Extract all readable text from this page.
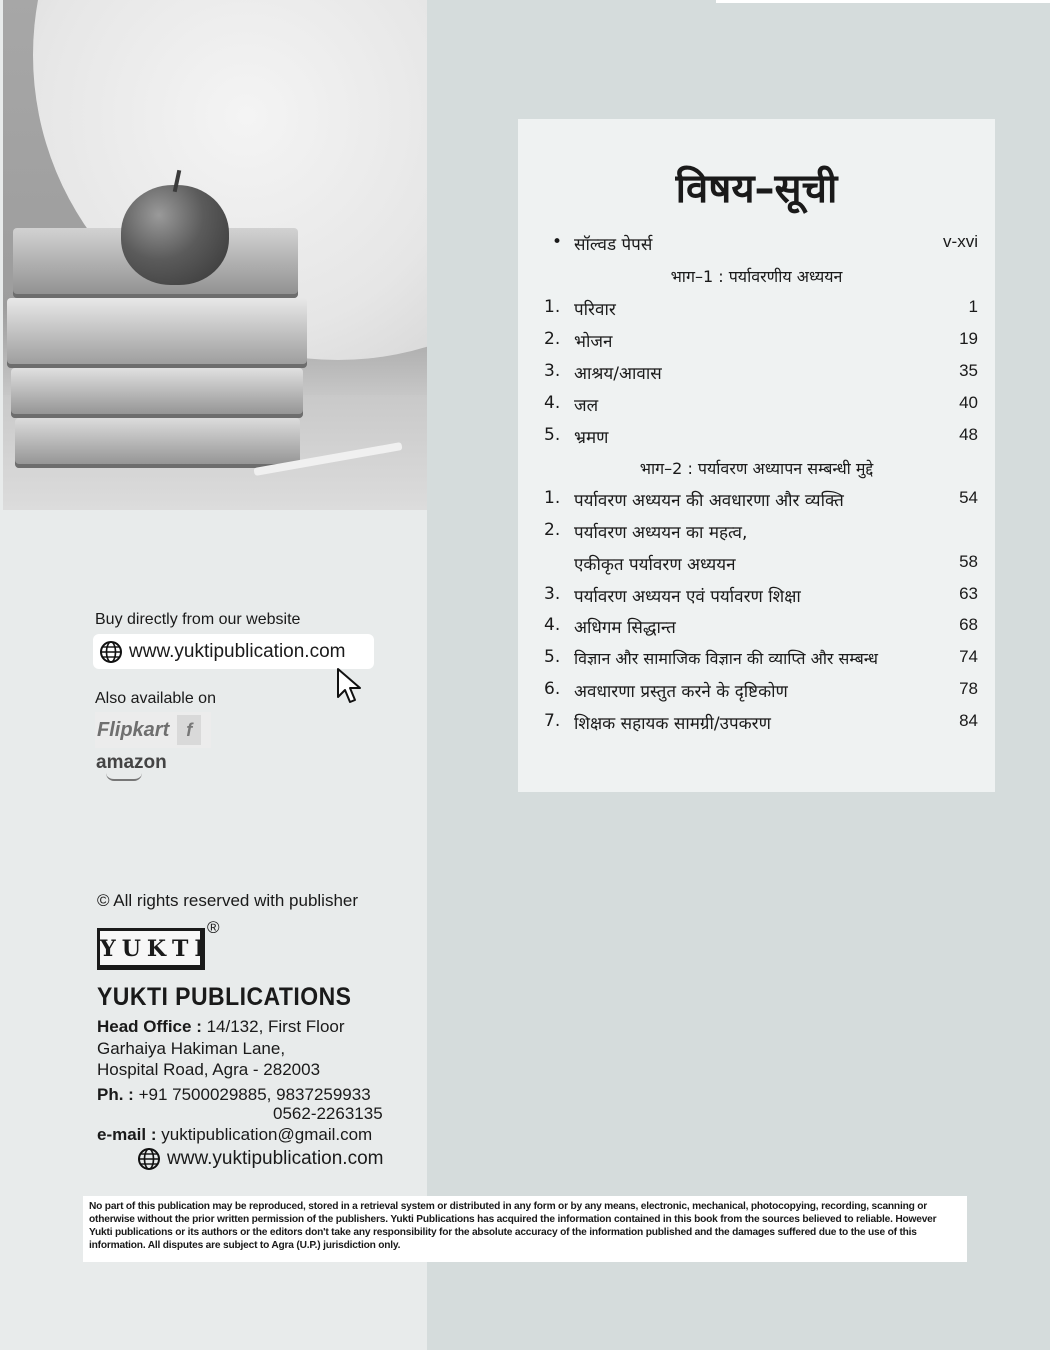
Buy directly from our website
www.yuktipublication.com
Also available on
Flipkart f
amazon
© All rights reserved with publisher
YUKTI
®
YUKTI PUBLICATIONS
Head Office : 14/132, First Floor
Garhaiya Hakiman Lane,
Hospital Road, Agra - 282003
Ph. : +91 7500029885, 9837259933
0562-2263135
e-mail : yuktipublication@gmail.com
www.yuktipublication.com
विषय–सूची
• सॉल्वड पेपर्स	v-xvi
भाग–1 : पर्यावरणीय अध्ययन
1. परिवार	1
2. भोजन	19
3. आश्रय/आवास	35
4. जल	40
5. भ्रमण	48
भाग–2 : पर्यावरण अध्यापन सम्बन्धी मुद्दे
1. पर्यावरण अध्ययन की अवधारणा और व्यक्ति	54
2. पर्यावरण अध्ययन का महत्व,
एकीकृत पर्यावरण अध्ययन	58
3. पर्यावरण अध्ययन एवं पर्यावरण शिक्षा	63
4. अधिगम सिद्धान्त	68
5. विज्ञान और सामाजिक विज्ञान की व्याप्ति और सम्बन्ध	74
6. अवधारणा प्रस्तुत करने के दृष्टिकोण	78
7. शिक्षक सहायक सामग्री/उपकरण	84
No part of this publication may be reproduced, stored in a retrieval system or distributed in any form or by any means, electronic, mechanical, photocopying, recording, scanning or otherwise without the prior written permission of the publishers. Yukti Publications has acquired the information contained in this book from the sources believed to reliable. However Yukti publications or its authors or the editors don't take any responsibility for the absolute accuracy of the information published and the damages suffered due to the use of this information. All disputes are subject to Agra (U.P.) jurisdiction only.
